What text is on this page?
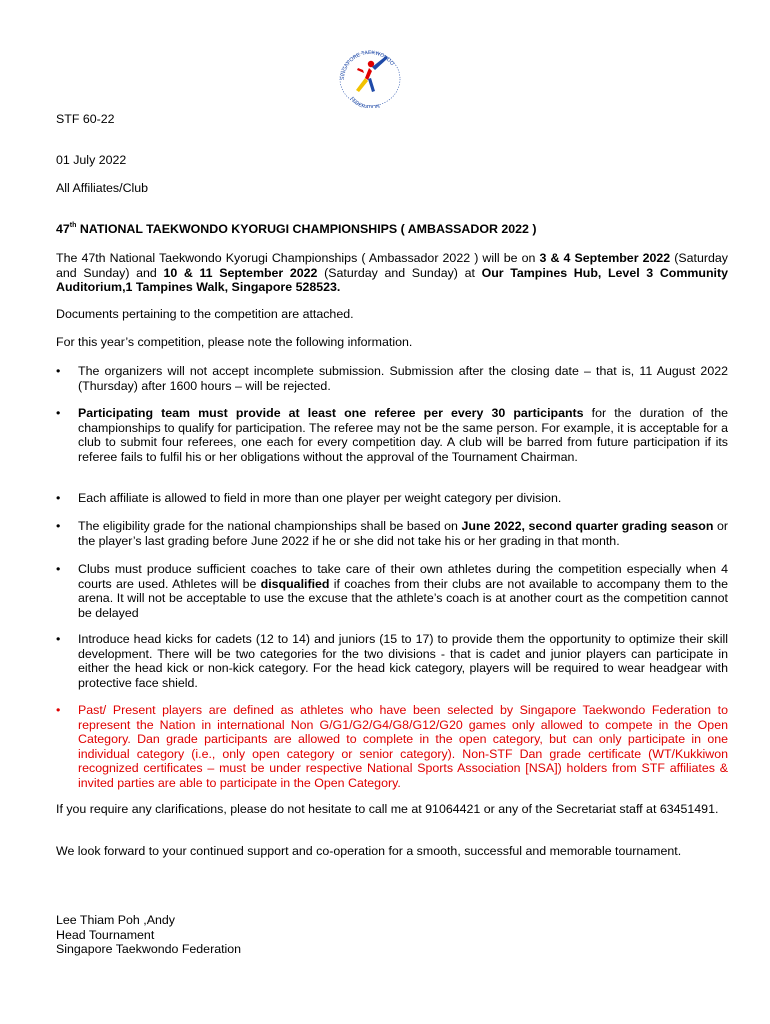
SINGAPORE TAEKWONDO
FEDERATION
STF 60-22
01 July 2022
All Affiliates/Club
47th NATIONAL TAEKWONDO KYORUGI CHAMPIONSHIPS ( AMBASSADOR 2022 )
The 47th National Taekwondo Kyorugi Championships ( Ambassador 2022 ) will be on 3 & 4 September 2022 (Saturday and Sunday) and 10 & 11 September 2022 (Saturday and Sunday) at Our Tampines Hub, Level 3 Community Auditorium,1 Tampines Walk, Singapore 528523.
Documents pertaining to the competition are attached.
For this year’s competition, please note the following information.
•	The organizers will not accept incomplete submission. Submission after the closing date – that is, 11 August 2022 (Thursday) after 1600 hours – will be rejected.
•	Participating team must provide at least one referee per every 30 participants for the duration of the championships to qualify for participation. The referee may not be the same person. For example, it is acceptable for a club to submit four referees, one each for every competition day. A club will be barred from future participation if its referee fails to fulfil his or her obligations without the approval of the Tournament Chairman.
•	Each affiliate is allowed to field in more than one player per weight category per division.
•	The eligibility grade for the national championships shall be based on June 2022, second quarter grading season or the player’s last grading before June 2022 if he or she did not take his or her grading in that month.
•	Clubs must produce sufficient coaches to take care of their own athletes during the competition especially when 4 courts are used. Athletes will be disqualified if coaches from their clubs are not available to accompany them to the arena. It will not be acceptable to use the excuse that the athlete’s coach is at another court as the competition cannot be delayed
•	Introduce head kicks for cadets (12 to 14) and juniors (15 to 17) to provide them the opportunity to optimize their skill development. There will be two categories for the two divisions - that is cadet and junior players can participate in either the head kick or non-kick category. For the head kick category, players will be required to wear headgear with protective face shield.
•	Past/ Present players are defined as athletes who have been selected by Singapore Taekwondo Federation to represent the Nation in international Non G/G1/G2/G4/G8/G12/G20 games only allowed to compete in the Open Category. Dan grade participants are allowed to complete in the open category, but can only participate in one individual category (i.e., only open category or senior category). Non-STF Dan grade certificate (WT/Kukkiwon recognized certificates – must be under respective National Sports Association [NSA]) holders from STF affiliates & invited parties are able to participate in the Open Category.
If you require any clarifications, please do not hesitate to call me at 91064421 or any of the Secretariat staff at 63451491.
We look forward to your continued support and co-operation for a smooth, successful and memorable tournament.
Lee Thiam Poh ,Andy
Head Tournament
Singapore Taekwondo Federation
